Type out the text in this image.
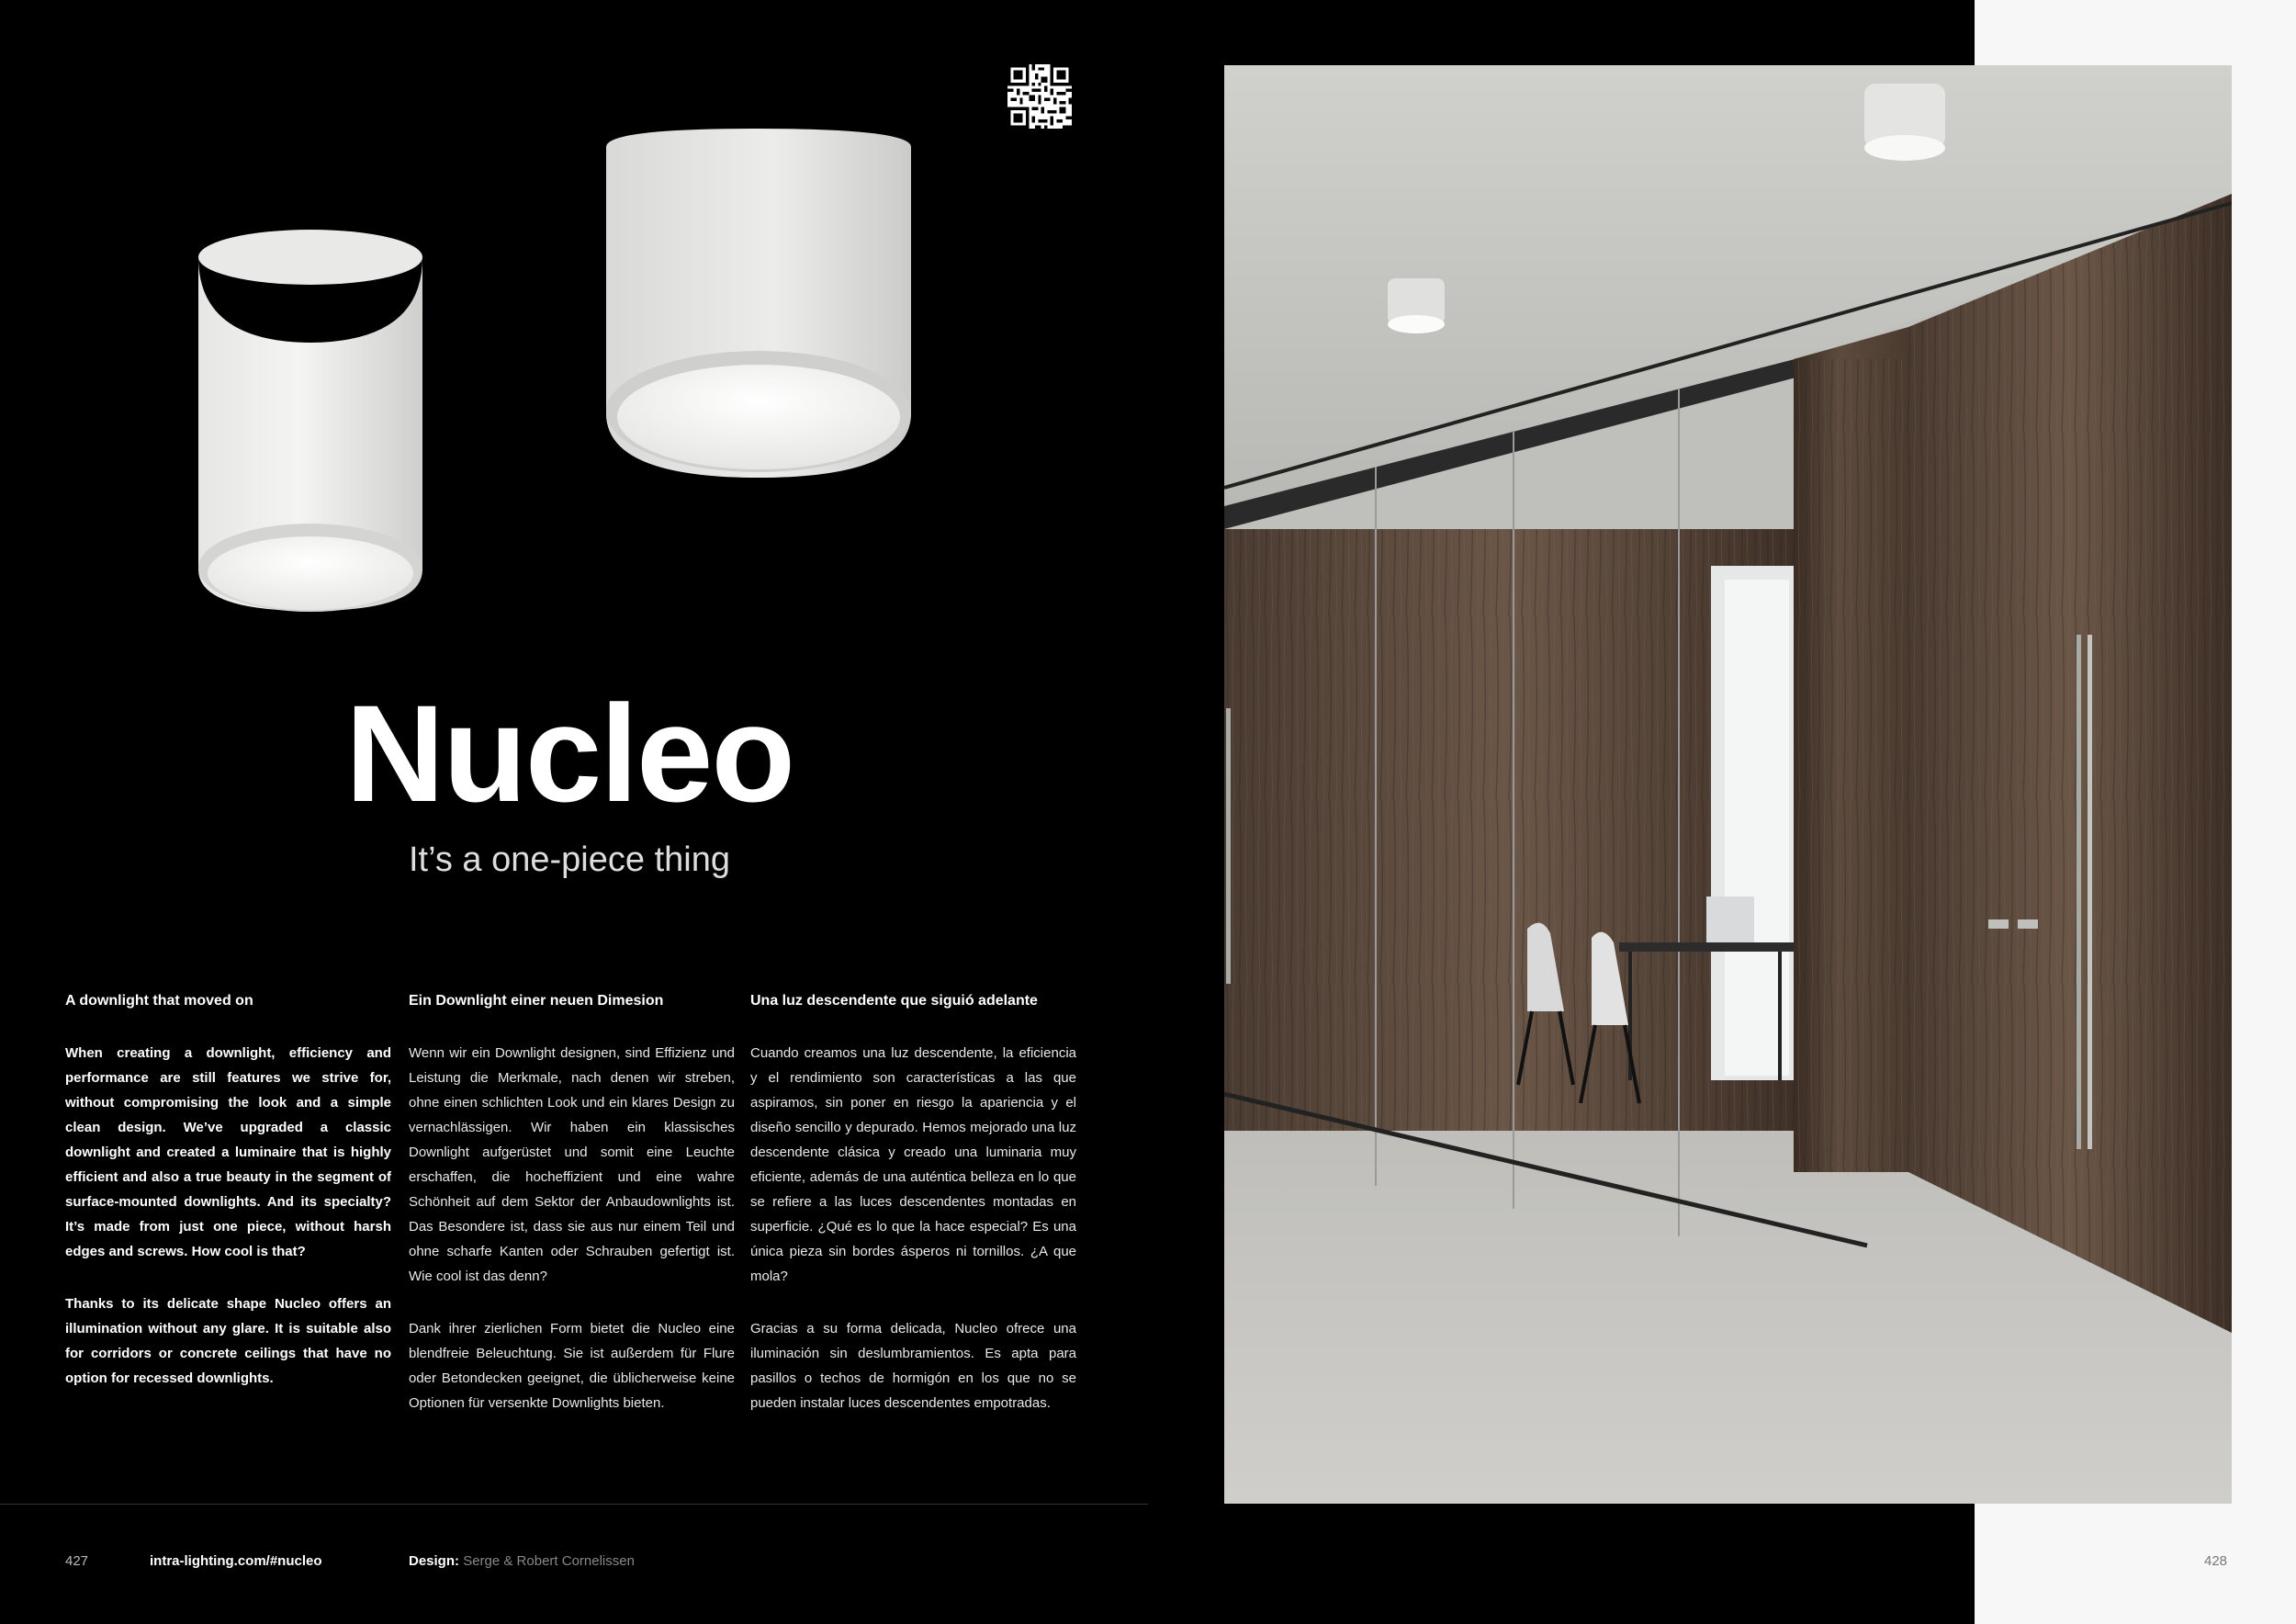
Nucleo
It’s a one-piece thing
A downlight that moved on

When creating a downlight, efficiency and performance are still features we strive for, without compromising the look and a simple clean design. We’ve upgraded a classic downlight and created a luminaire that is highly efficient and also a true beauty in the segment of surface-mounted downlights. And its specialty? It’s made from just one piece, without harsh edges and screws. How cool is that?

Thanks to its delicate shape Nucleo offers an illumination without any glare. It is suitable also for corridors or concrete ceilings that have no option for recessed downlights.

Ein Downlight einer neuen Dimesion

Wenn wir ein Downlight designen, sind Effizienz und Leistung die Merkmale, nach denen wir streben, ohne einen schlichten Look und ein klares Design zu vernachlässigen. Wir haben ein klassisches Downlight aufgerüstet und somit eine Leuchte erschaffen, die hocheffizient und eine wahre Schönheit auf dem Sektor der Anbaudownlights ist. Das Besondere ist, dass sie aus nur einem Teil und ohne scharfe Kanten oder Schrauben gefertigt ist. Wie cool ist das denn?

Dank ihrer zierlichen Form bietet die Nucleo eine blendfreie Beleuchtung. Sie ist außerdem für Flure oder Betondecken geeignet, die üblicherweise keine Optionen für versenkte Downlights bieten.

Una luz descendente que siguió adelante

Cuando creamos una luz descendente, la eficiencia y el rendimiento son características a las que aspiramos, sin poner en riesgo la apariencia y el diseño sencillo y depurado. Hemos mejorado una luz descendente clásica y creado una luminaria muy eficiente, además de una auténtica belleza en lo que se refiere a las luces descendentes montadas en superficie. ¿Qué es lo que la hace especial? Es una única pieza sin bordes ásperos ni tornillos. ¿A que mola?

Gracias a su forma delicada, Nucleo ofrece una iluminación sin deslumbramientos. Es apta para pasillos o techos de hormigón en los que no se pueden instalar luces descendentes empotradas.

427	intra-lighting.com/#nucleo	Design: Serge & Robert Cornelissen	428
